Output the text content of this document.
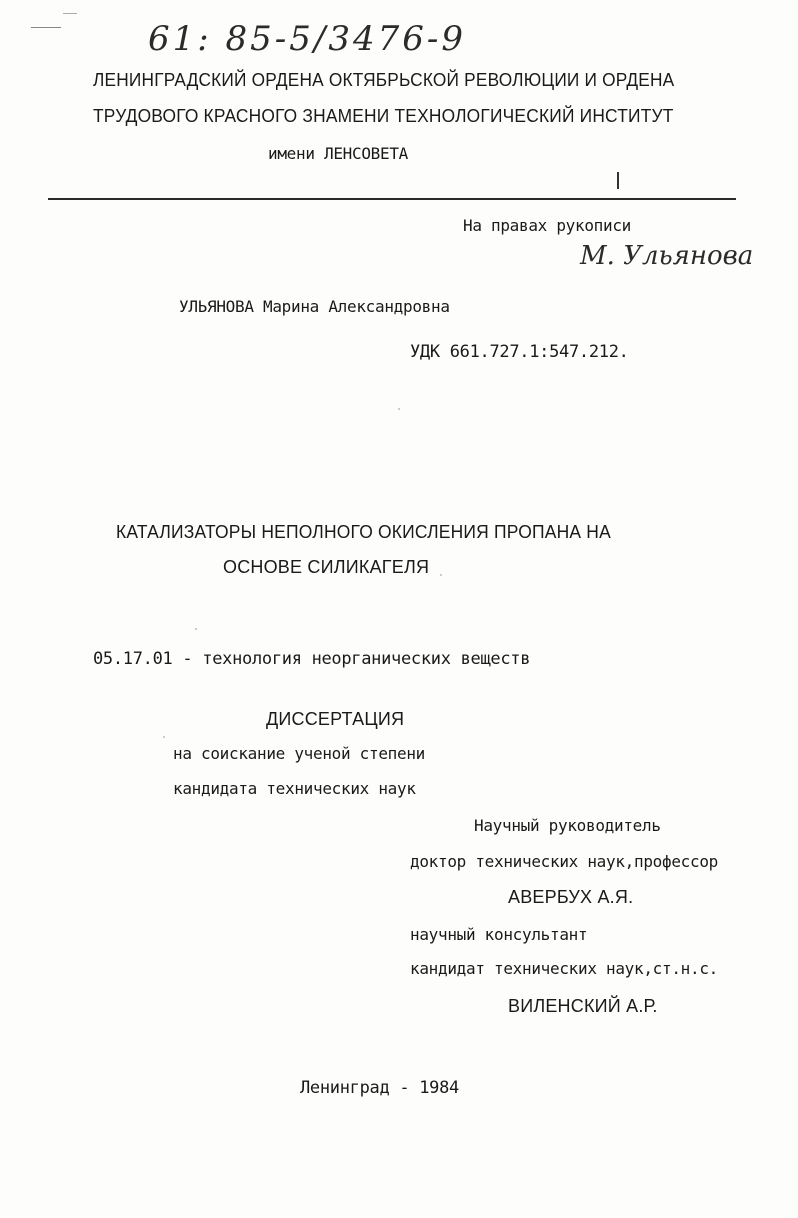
61: 85-5/3476-9
ЛЕНИНГРАДСКИЙ ОРДЕНА ОКТЯБРЬСКОЙ РЕВОЛЮЦИИ И ОРДЕНА
ТРУДОВОГО КРАСНОГО ЗНАМЕНИ ТЕХНОЛОГИЧЕСКИЙ ИНСТИТУТ
имени ЛЕНСОВЕТА
На правах рукописи
М. Ульянова
УЛЬЯНОВА Марина Александровна
УДК 661.727.1:547.212.
КАТАЛИЗАТОРЫ НЕПОЛНОГО ОКИСЛЕНИЯ ПРОПАНА НА
ОСНОВЕ СИЛИКАГЕЛЯ
05.17.01 - технология неорганических веществ
ДИССЕРТАЦИЯ
на соискание ученой степени
кандидата технических наук
Научный руководитель
доктор технических наук,профессор
АВЕРБУХ А.Я.
научный консультант
кандидат технических наук,ст.н.с.
ВИЛЕНСКИЙ А.Р.
Ленинград - 1984
